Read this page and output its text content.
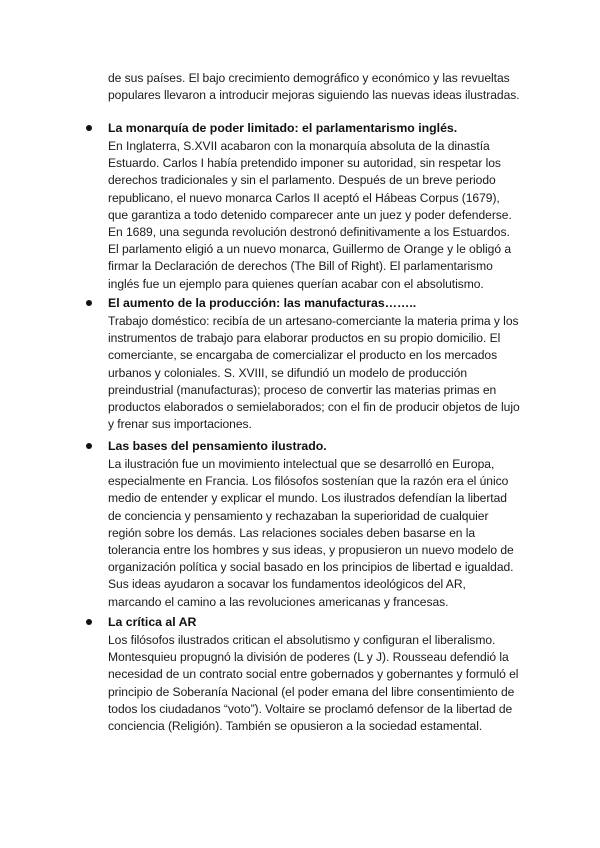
de sus países. El bajo crecimiento demográfico y económico y las revueltas
populares llevaron a introducir mejoras siguiendo las nuevas ideas ilustradas.
La monarquía de poder limitado: el parlamentarismo inglés.
En Inglaterra, S.XVII acabaron con la monarquía absoluta de la dinastía
Estuardo. Carlos I había pretendido imponer su autoridad, sin respetar los
derechos tradicionales y sin el parlamento. Después de un breve periodo
republicano, el nuevo monarca Carlos II aceptó el Hábeas Corpus (1679),
que garantiza a todo detenido comparecer ante un juez y poder defenderse.
En 1689, una segunda revolución destronó definitivamente a los Estuardos.
El parlamento eligió a un nuevo monarca, Guillermo de Orange y le obligó a
firmar la Declaración de derechos (The Bill of Right). El parlamentarismo
inglés fue un ejemplo para quienes querían acabar con el absolutismo.
El aumento de la producción: las manufacturas……..
Trabajo doméstico: recibía de un artesano-comerciante la materia prima y los
instrumentos de trabajo para elaborar productos en su propio domicilio. El
comerciante, se encargaba de comercializar el producto en los mercados
urbanos y coloniales. S. XVIII, se difundió un modelo de producción
preindustrial (manufacturas); proceso de convertir las materias primas en
productos elaborados o semielaborados; con el fin de producir objetos de lujo
y frenar sus importaciones.
Las bases del pensamiento ilustrado.
La ilustración fue un movimiento intelectual que se desarrolló en Europa,
especialmente en Francia. Los filósofos sostenían que la razón era el único
medio de entender y explicar el mundo. Los ilustrados defendían la libertad
de conciencia y pensamiento y rechazaban la superioridad de cualquier
región sobre los demás. Las relaciones sociales deben basarse en la
tolerancia entre los hombres y sus ideas, y propusieron un nuevo modelo de
organización política y social basado en los principios de libertad e igualdad.
Sus ideas ayudaron a socavar los fundamentos ideológicos del AR,
marcando el camino a las revoluciones americanas y francesas.
La crítica al AR
Los filósofos ilustrados critican el absolutismo y configuran el liberalismo.
Montesquieu propugnó la división de poderes (L y J). Rousseau defendió la
necesidad de un contrato social entre gobernados y gobernantes y formuló el
principio de Soberanía Nacional (el poder emana del libre consentimiento de
todos los ciudadanos “voto”). Voltaire se proclamó defensor de la libertad de
conciencia (Religión). También se opusieron a la sociedad estamental.
